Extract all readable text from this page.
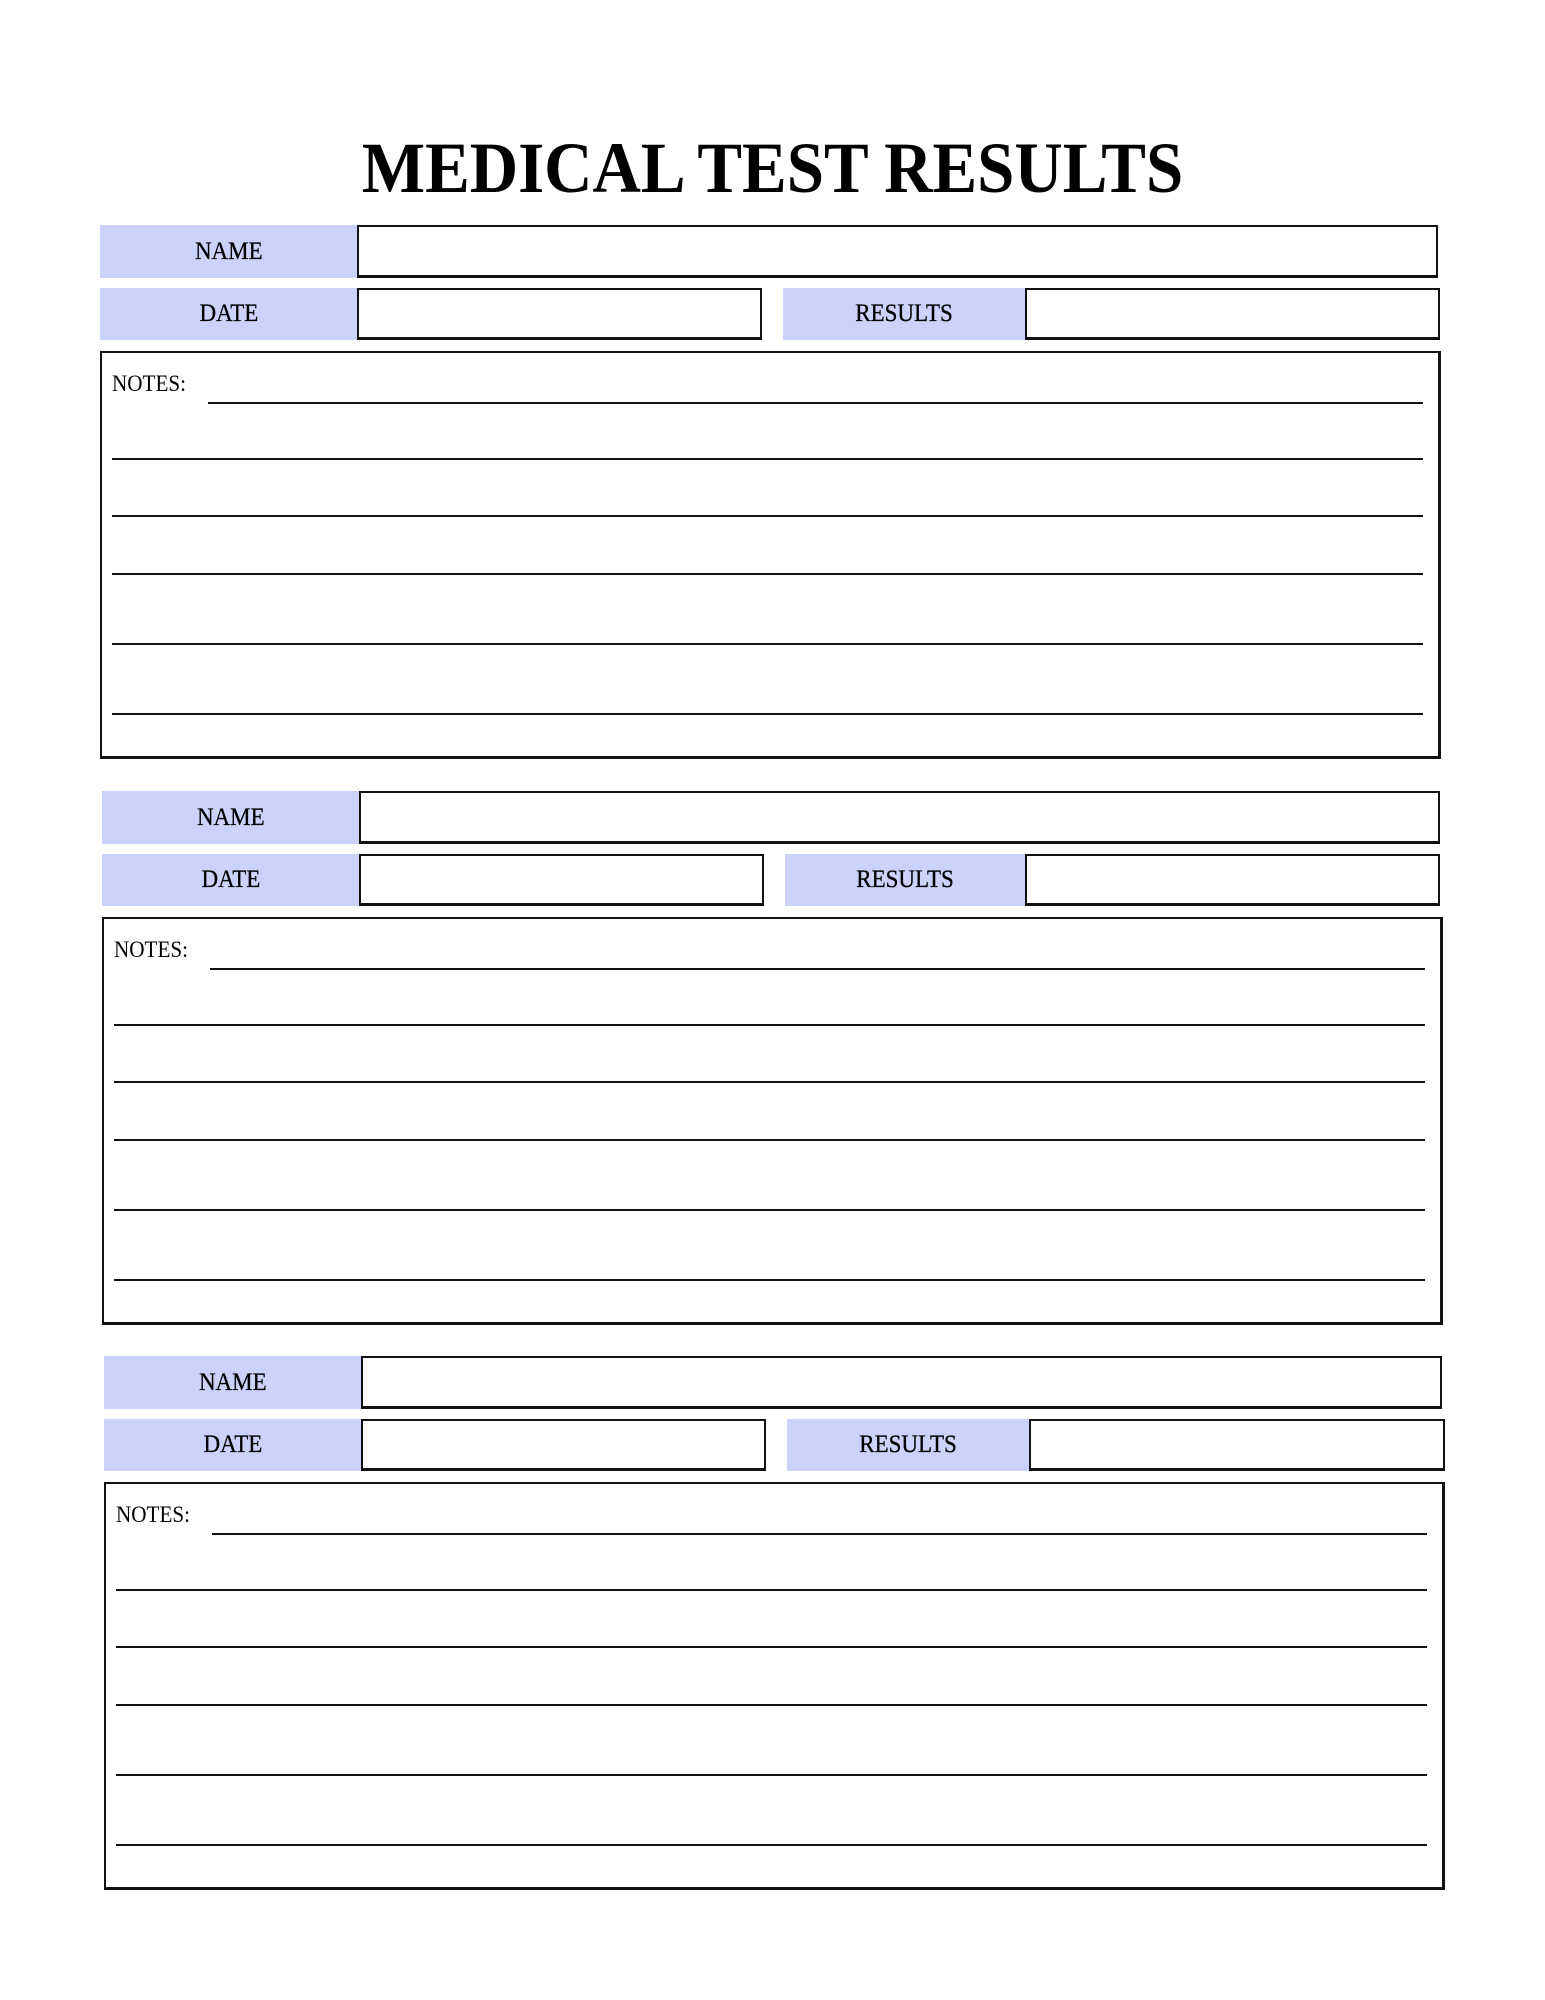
MEDICAL TEST RESULTS
NAME
DATE	RESULTS
NOTES:
NAME
DATE	RESULTS
NOTES:
NAME
DATE	RESULTS
NOTES:
